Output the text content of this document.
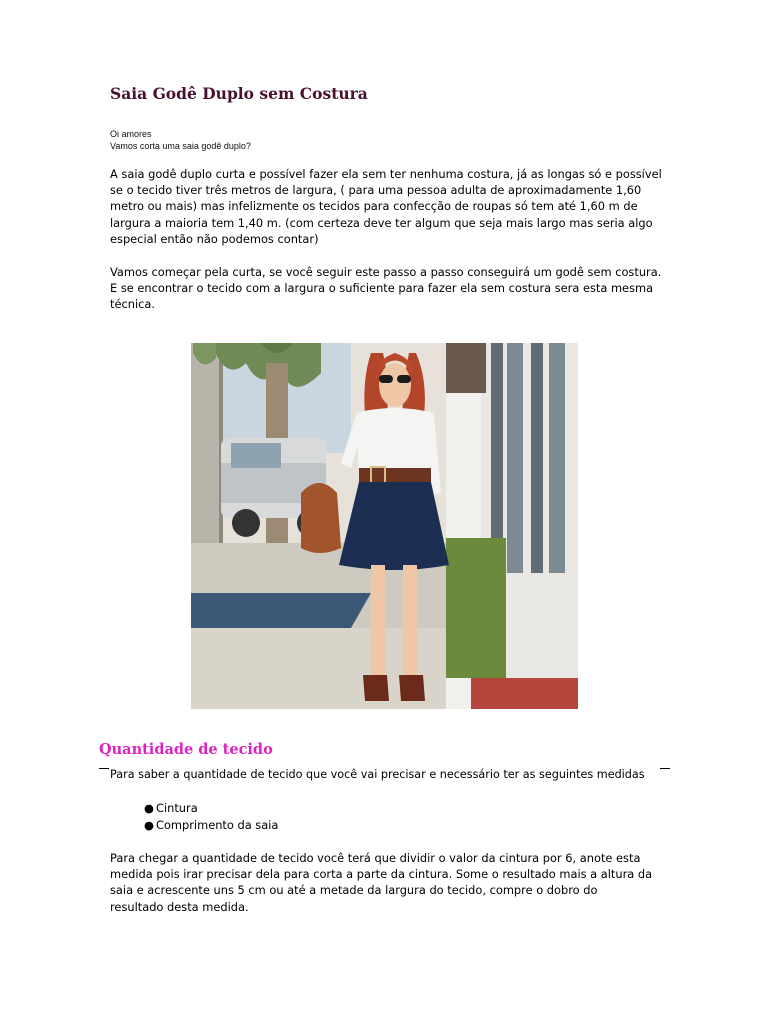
Saia Godê Duplo sem Costura
Oi amores
Vamos corta uma saia godê duplo?

A saia godê duplo curta e possível fazer ela sem ter nenhuma costura, já as longas só e possível
se o tecido tiver três metros de largura, ( para uma pessoa adulta de aproximadamente 1,60
metro ou mais) mas infelizmente os tecidos para confecção de roupas só tem até 1,60 m de
largura a maioria tem 1,40 m. (com certeza deve ter algum que seja mais largo mas seria algo
especial então não podemos contar)

Vamos começar pela curta, se você seguir este passo a passo conseguirá um godê sem costura.
E se encontrar o tecido com a largura o suficiente para fazer ela sem costura sera esta mesma
técnica.

Quantidade de tecido

Para saber a quantidade de tecido que você vai precisar e necessário ter as seguintes medidas

● Cintura
● Comprimento da saia

Para chegar a quantidade de tecido você terá que dividir o valor da cintura por 6, anote esta
medida pois irar precisar dela para corta a parte da cintura. Some o resultado mais a altura da
saia e acrescente uns 5 cm ou até a metade da largura do tecido, compre o dobro do
resultado desta medida.
